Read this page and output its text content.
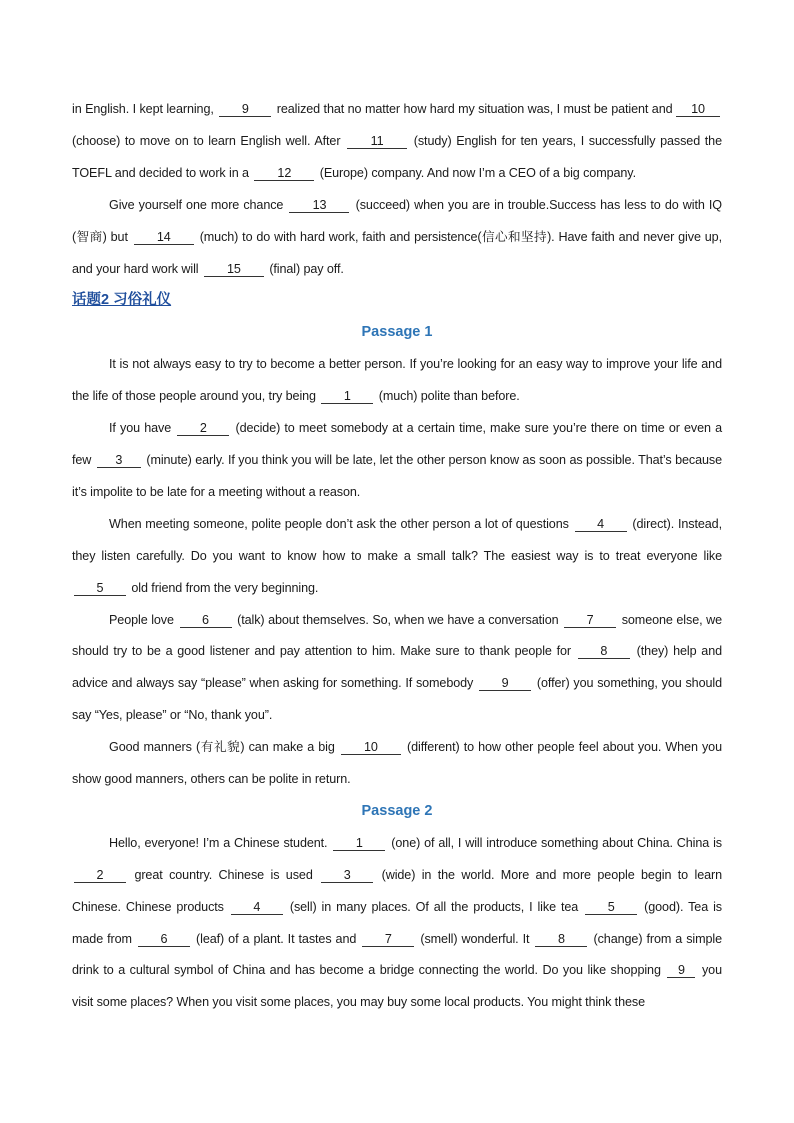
in English. I kept learning, 9 realized that no matter how hard my situation was, I must be patient and 10 (choose) to move on to learn English well. After 11 (study) English for ten years, I successfully passed the TOEFL and decided to work in a 12 (Europe) company. And now I’m a CEO of a big company.

Give yourself one more chance 13 (succeed) when you are in trouble.Success has less to do with IQ (智商) but 14 (much) to do with hard work, faith and persistence(信心和坚持). Have faith and never give up, and your hard work will 15 (final) pay off.

话题2 习俗礼仪

Passage 1

It is not always easy to try to become a better person. If you’re looking for an easy way to improve your life and the life of those people around you, try being 1 (much) polite than before.

If you have 2 (decide) to meet somebody at a certain time, make sure you’re there on time or even a few 3 (minute) early. If you think you will be late, let the other person know as soon as possible. That’s because it’s impolite to be late for a meeting without a reason.

When meeting someone, polite people don’t ask the other person a lot of questions 4 (direct). Instead, they listen carefully. Do you want to know how to make a small talk? The easiest way is to treat everyone like 5 old friend from the very beginning.

People love 6 (talk) about themselves. So, when we have a conversation 7 someone else, we should try to be a good listener and pay attention to him. Make sure to thank people for 8 (they) help and advice and always say “please” when asking for something. If somebody 9 (offer) you something, you should say “Yes, please” or “No, thank you”.

Good manners (有礼貌) can make a big 10 (different) to how other people feel about you. When you show good manners, others can be polite in return.

Passage 2

Hello, everyone! I’m a Chinese student. 1 (one) of all, I will introduce something about China. China is 2 great country. Chinese is used 3 (wide) in the world. More and more people begin to learn Chinese. Chinese products 4 (sell) in many places. Of all the products, I like tea 5 (good). Tea is made from 6 (leaf) of a plant. It tastes and 7 (smell) wonderful. It 8 (change) from a simple drink to a cultural symbol of China and has become a bridge connecting the world. Do you like shopping 9 you visit some places? When you visit some places, you may buy some local products. You might think these
